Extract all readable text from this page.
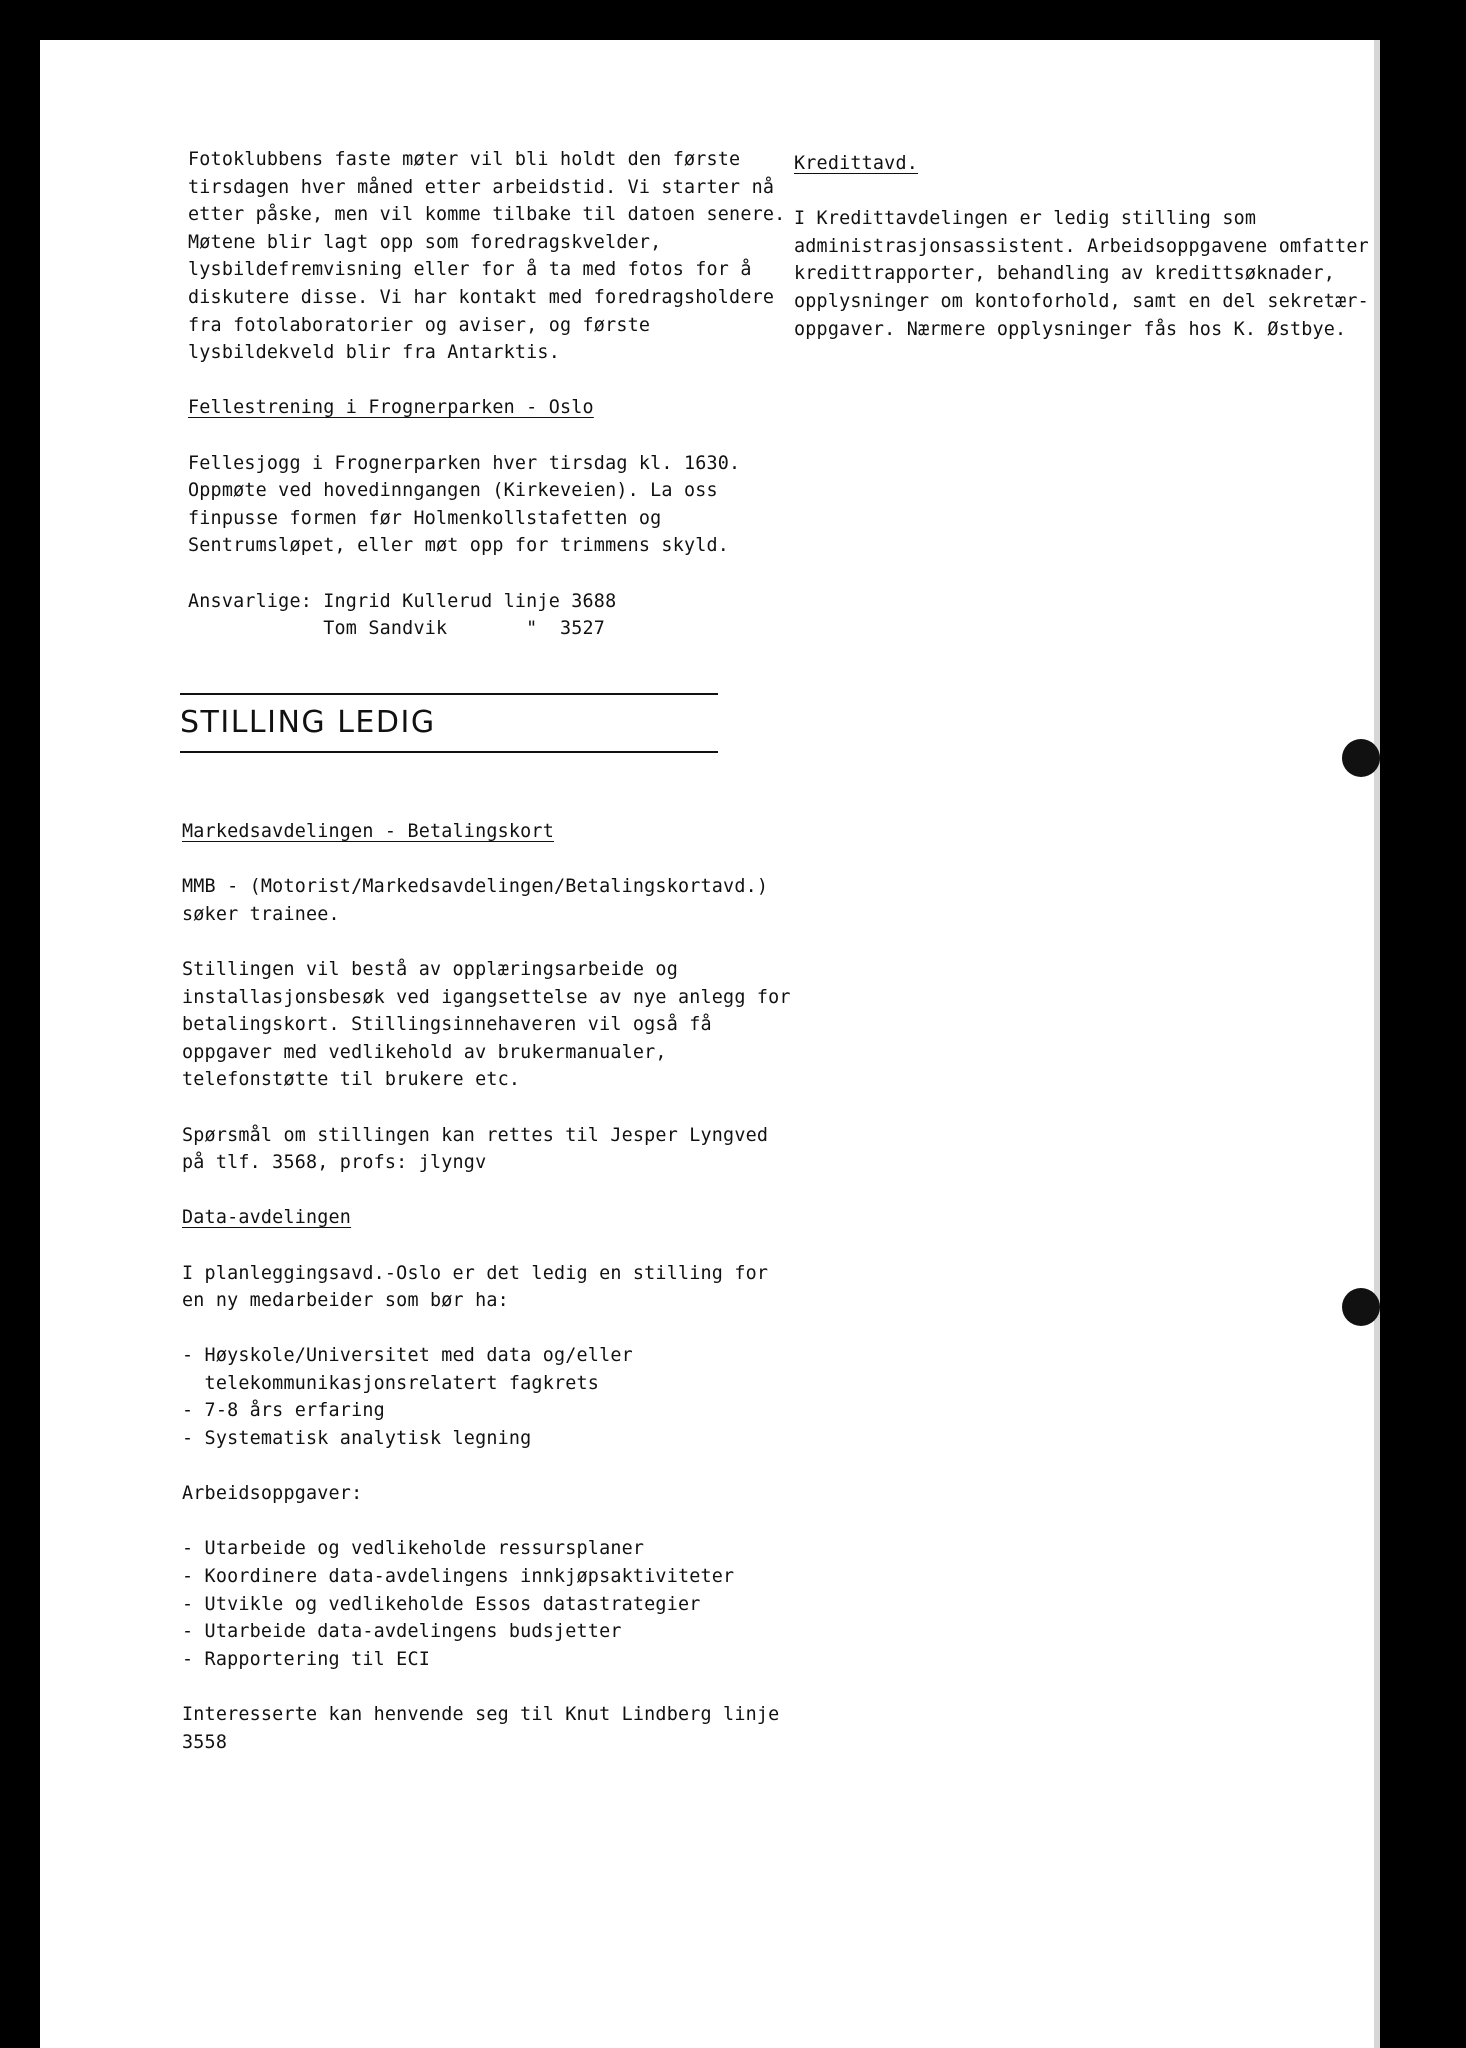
Fotoklubbens faste møter vil bli holdt den første

tirsdagen hver måned etter arbeidstid. Vi starter nå

etter påske, men vil komme tilbake til datoen senere.

Møtene blir lagt opp som foredragskvelder,

lysbildefremvisning eller for å ta med fotos for å

diskutere disse. Vi har kontakt med foredragsholdere

fra fotolaboratorier og aviser, og første

lysbildekveld blir fra Antarktis.

Fellestrening i Frognerparken - Oslo

Fellesjogg i Frognerparken hver tirsdag kl. 1630.

Oppmøte ved hovedinngangen (Kirkeveien). La oss

finpusse formen før Holmenkollstafetten og

Sentrumsløpet, eller møt opp for trimmens skyld.

Ansvarlige: Ingrid Kullerud linje 3688

Tom Sandvik       "  3527

STILLING LEDIG

Markedsavdelingen - Betalingskort

MMB - (Motorist/Markedsavdelingen/Betalingskortavd.)

søker trainee.

Stillingen vil bestå av opplæringsarbeide og

installasjonsbesøk ved igangsettelse av nye anlegg for

betalingskort. Stillingsinnehaveren vil også få

oppgaver med vedlikehold av brukermanualer,

telefonstøtte til brukere etc.

Spørsmål om stillingen kan rettes til Jesper Lyngved

på tlf. 3568, profs: jlyngv

Data-avdelingen

I planleggingsavd.-Oslo er det ledig en stilling for

en ny medarbeider som bør ha:

- Høyskole/Universitet med data og/eller

telekommunikasjonsrelatert fagkrets

- 7-8 års erfaring

- Systematisk analytisk legning

Arbeidsoppgaver:

- Utarbeide og vedlikeholde ressursplaner

- Koordinere data-avdelingens innkjøpsaktiviteter

- Utvikle og vedlikeholde Essos datastrategier

- Utarbeide data-avdelingens budsjetter

- Rapportering til ECI

Interesserte kan henvende seg til Knut Lindberg linje

3558

Kredittavd.

I Kredittavdelingen er ledig stilling som

administrasjonsassistent. Arbeidsoppgavene omfatter

kredittrapporter, behandling av kredittsøknader,

opplysninger om kontoforhold, samt en del sekretær-

oppgaver. Nærmere opplysninger fås hos K. Østbye.
